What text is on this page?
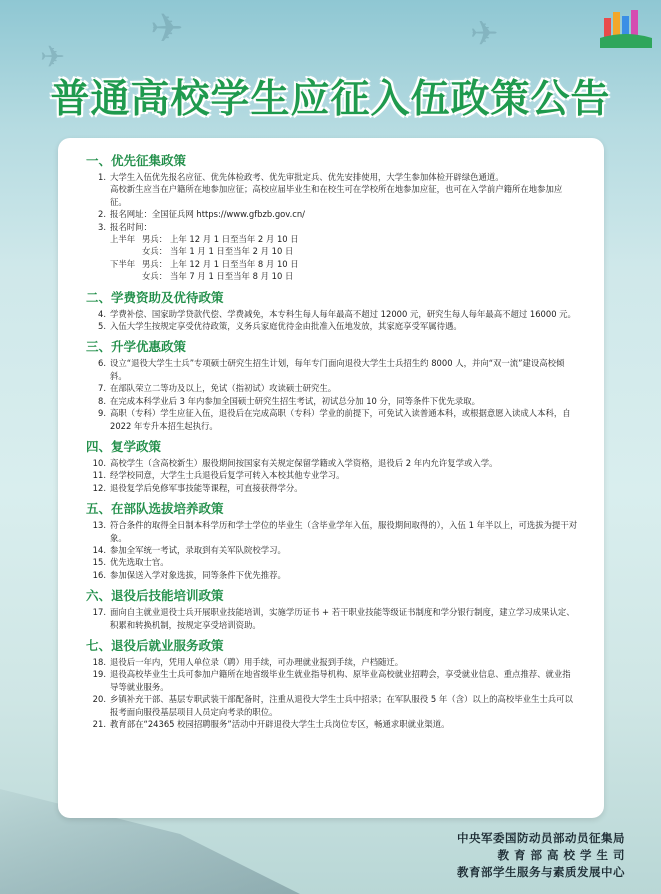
✈
✈
✈
普通高校学生应征入伍政策公告
一、优先征集政策
1. 大学生入伍优先报名应征、优先体检政考、优先审批定兵、优先安排使用，大学生参加体检开辟绿色通道。
高校新生应当在户籍所在地参加应征；高校应届毕业生和在校生可在学校所在地参加应征，也可在入学前户籍所在地参加应征。
2. 报名网址：全国征兵网 https://www.gfbzb.gov.cn/
3. 报名时间：
上半年 男兵： 上年 12 月 1 日至当年 2 月 10 日
女兵： 当年 1 月 1 日至当年 2 月 10 日
下半年 男兵： 上年 12 月 1 日至当年 8 月 10 日
女兵： 当年 7 月 1 日至当年 8 月 10 日
二、学费资助及优待政策
4. 学费补偿、国家助学贷款代偿、学费减免，本专科生每人每年最高不超过 12000 元，研究生每人每年最高不超过 16000 元。
5. 入伍大学生按规定享受优待政策，义务兵家庭优待金由批准入伍地发放，其家庭享受军属待遇。
三、升学优惠政策
6. 设立“退役大学生士兵”专项硕士研究生招生计划，每年专门面向退役大学生士兵招生约 8000 人，并向“双一流”建设高校倾斜。
7. 在部队荣立二等功及以上，免试（指初试）攻读硕士研究生。
8. 在完成本科学业后 3 年内参加全国硕士研究生招生考试，初试总分加 10 分，同等条件下优先录取。
9. 高职（专科）学生应征入伍，退役后在完成高职（专科）学业的前提下，可免试入读普通本科，或根据意愿入读成人本科，自 2022 年专升本招生起执行。
四、复学政策
10. 高校学生（含高校新生）服役期间按国家有关规定保留学籍或入学资格，退役后 2 年内允许复学或入学。
11. 经学校同意，大学生士兵退役后复学可转入本校其他专业学习。
12. 退役复学后免修军事技能等课程，可直接获得学分。
五、在部队选拔培养政策
13. 符合条件的取得全日制本科学历和学士学位的毕业生（含毕业学年入伍，服役期间取得的），入伍 1 年半以上，可选拔为提干对象。
14. 参加全军统一考试，录取到有关军队院校学习。
15. 优先选取士官。
16. 参加保送入学对象选拔，同等条件下优先推荐。
六、退役后技能培训政策
17. 面向自主就业退役士兵开展职业技能培训，实施学历证书 + 若干职业技能等级证书制度和学分银行制度，建立学习成果认定、积累和转换机制，按规定享受培训资助。
七、退役后就业服务政策
18. 退役后一年内，凭用人单位录（聘）用手续，可办理就业报到手续，户档随迁。
19. 退役高校毕业生士兵可参加户籍所在地省级毕业生就业指导机构、原毕业高校就业招聘会，享受就业信息、重点推荐、就业指导等就业服务。
20. 乡镇补充干部、基层专职武装干部配备时，注重从退役大学生士兵中招录；在军队服役 5 年（含）以上的高校毕业生士兵可以报考面向服役基层项目人员定向考录的职位。
21. 教育部在“24365 校园招聘服务”活动中开辟退役大学生士兵岗位专区，畅通求职就业渠道。
中央军委国防动员部动员征集局
教 育 部 高 校 学 生 司
教育部学生服务与素质发展中心
